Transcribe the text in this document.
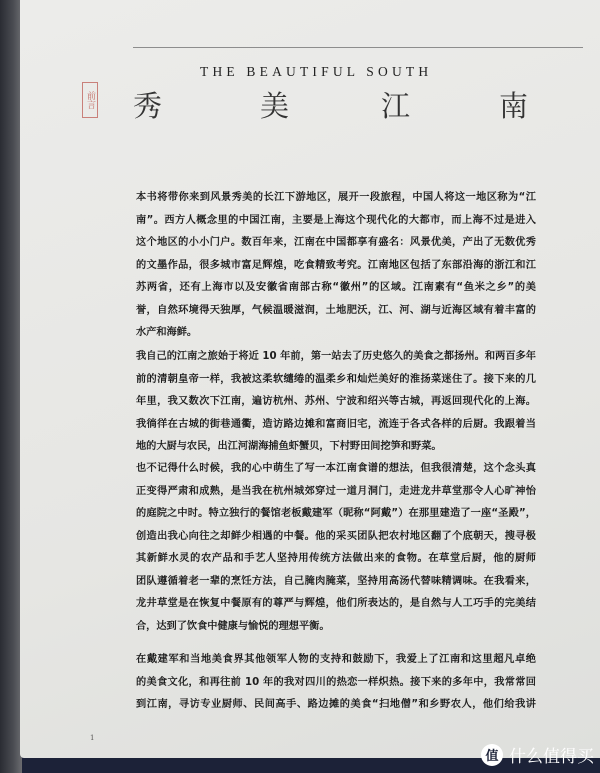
THE BEAUTIFUL SOUTH
前言 秀	美	江	南
本书将带你来到风景秀美的长江下游地区，展开一段旅程，中国人将这一地区称为“江
南”。西方人概念里的中国江南，主要是上海这个现代化的大都市，而上海不过是进入
这个地区的小小门户。数百年来，江南在中国都享有盛名：风景优美，产出了无数优秀
的文墨作品，很多城市富足辉煌，吃食精致考究。江南地区包括了东部沿海的浙江和江
苏两省，还有上海市以及安徽省南部古称“徽州”的区域。江南素有“鱼米之乡”的美
誉，自然环境得天独厚，气候温暖滋润，土地肥沃，江、河、湖与近海区域有着丰富的
水产和海鲜。
我自己的江南之旅始于将近 10 年前，第一站去了历史悠久的美食之都扬州。和两百多年
前的清朝皇帝一样，我被这柔软缱绻的温柔乡和灿烂美好的淮扬菜迷住了。接下来的几
年里，我又数次下江南，遍访杭州、苏州、宁波和绍兴等古城，再返回现代化的上海。
我徜徉在古城的街巷通衢，造访路边摊和富商旧宅，流连于各式各样的后厨。我跟着当
地的大厨与农民，出江河湖海捕鱼虾蟹贝，下村野田间挖笋和野菜。
也不记得什么时候，我的心中萌生了写一本江南食谱的想法，但我很清楚，这个念头真
正变得严肃和成熟，是当我在杭州城郊穿过一道月洞门，走进龙井草堂那令人心旷神怡
的庭院之中时。特立独行的餐馆老板戴建军（昵称“阿戴”）在那里建造了一座“圣殿”，
创造出我心向往之却鲜少相遇的中餐。他的采买团队把农村地区翻了个底朝天，搜寻极
其新鲜水灵的农产品和手艺人坚持用传统方法做出来的食物。在草堂后厨，他的厨师
团队遵循着老一辈的烹饪方法，自己腌肉腌菜，坚持用高汤代替味精调味。在我看来，
龙井草堂是在恢复中餐原有的尊严与辉煌，他们所表达的，是自然与人工巧手的完美结
合，达到了饮食中健康与愉悦的理想平衡。
在戴建军和当地美食界其他领军人物的支持和鼓励下，我爱上了江南和这里超凡卓绝
的美食文化，和再往前 10 年的我对四川的热恋一样炽热。接下来的多年中，我常常回
到江南，寻访专业厨师、民间高手、路边摊的美食“扫地僧”和乡野农人，他们给我讲
1
值 什么值得买
